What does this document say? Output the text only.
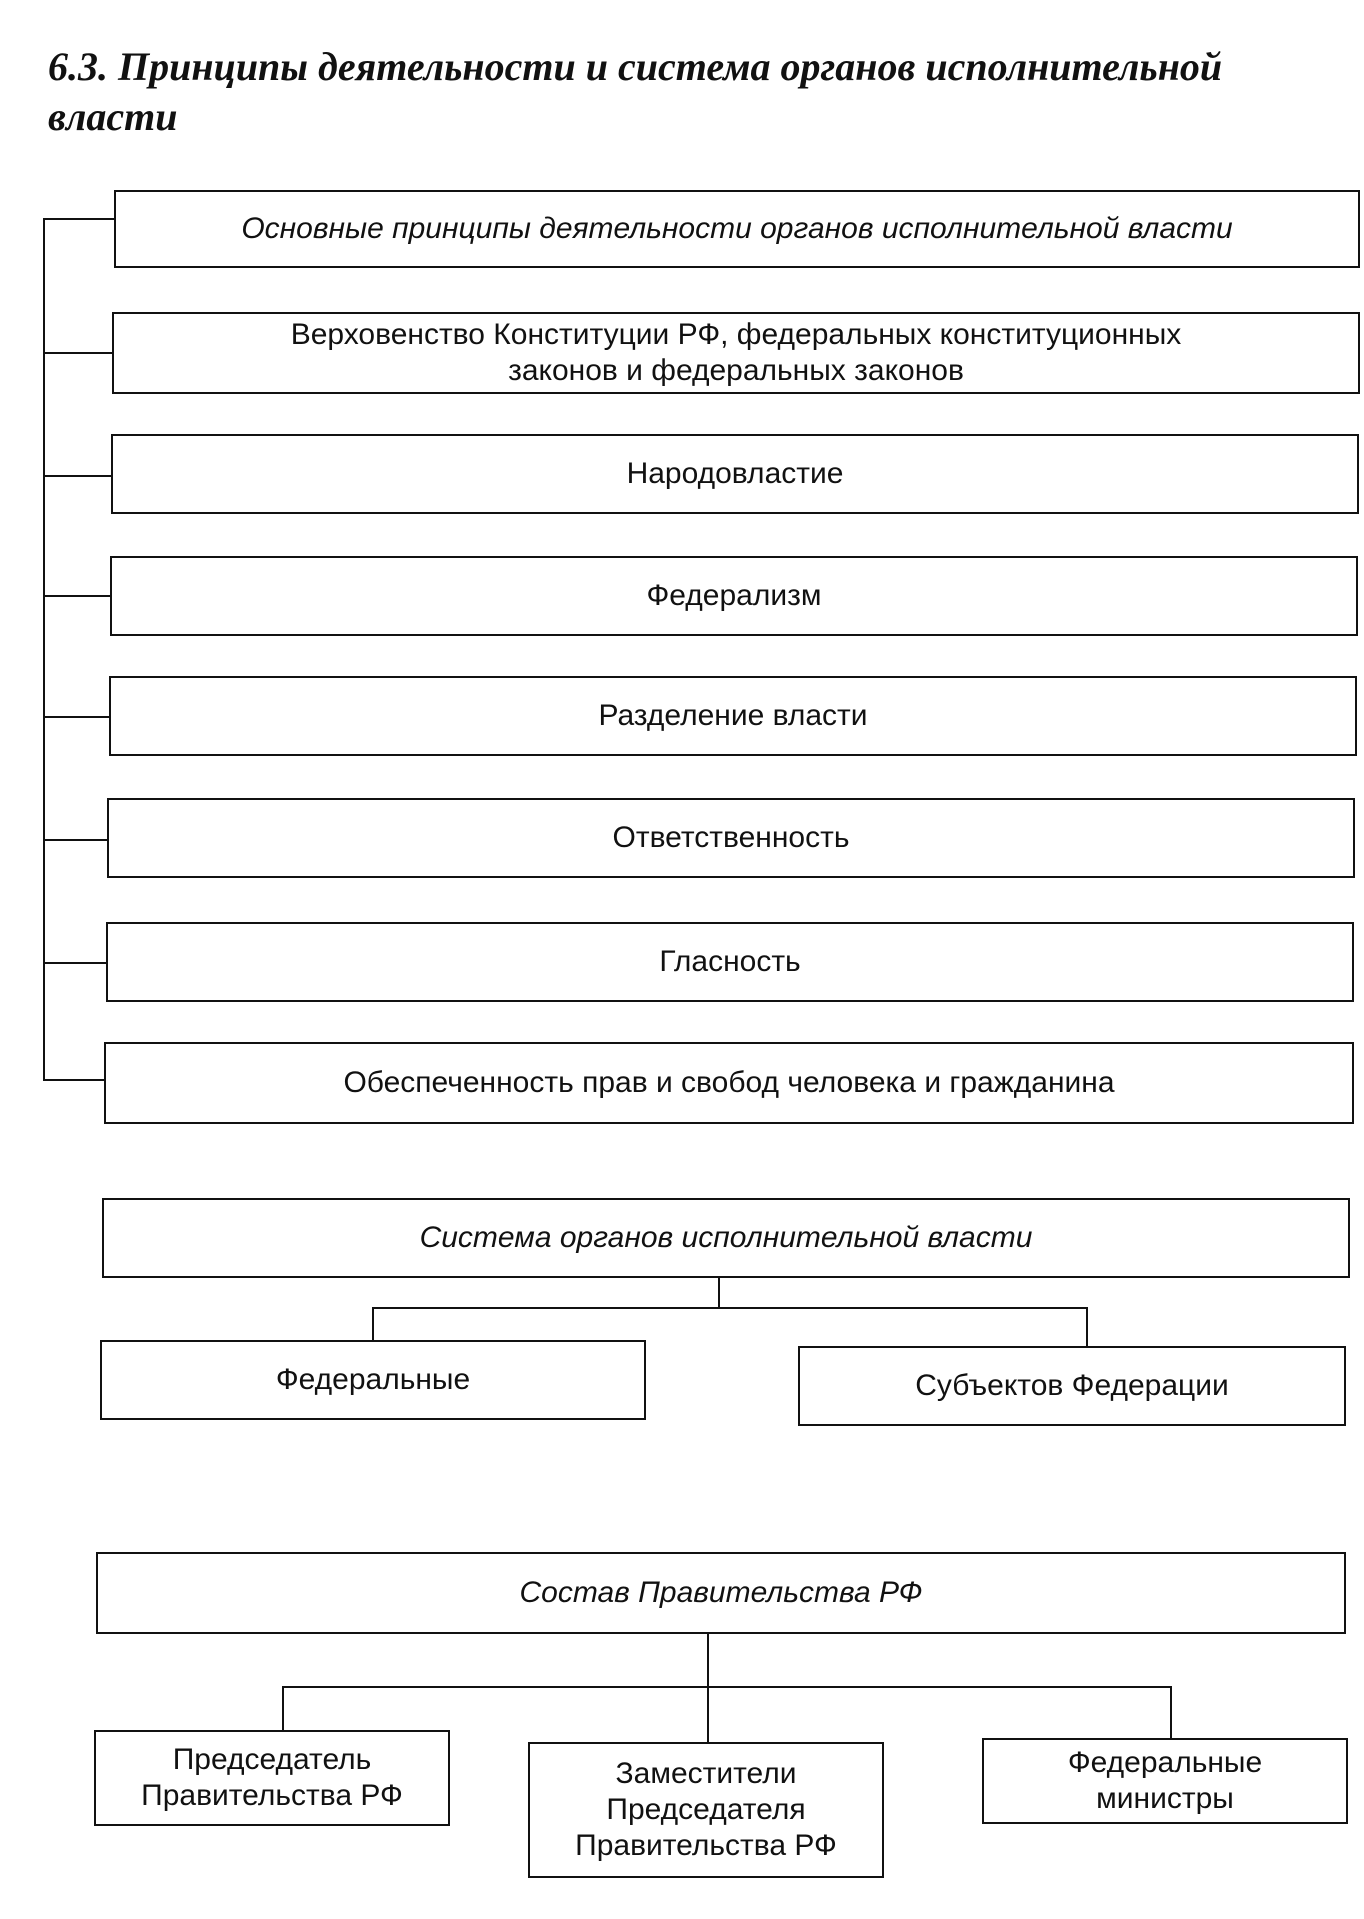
6.3. Принципы деятельности и система органов исполнительной власти
Основные принципы деятельности органов исполнительной власти
Верховенство Конституции РФ, федеральных конституционных законов и федеральных законов
Народовластие
Федерализм
Разделение власти
Ответственность
Гласность
Обеспеченность прав и свобод человека и гражданина
Система органов исполнительной власти
Федеральные	Субъектов Федерации
Состав Правительства РФ
Председатель Правительства РФ
Заместители Председателя Правительства РФ
Федеральные министры
